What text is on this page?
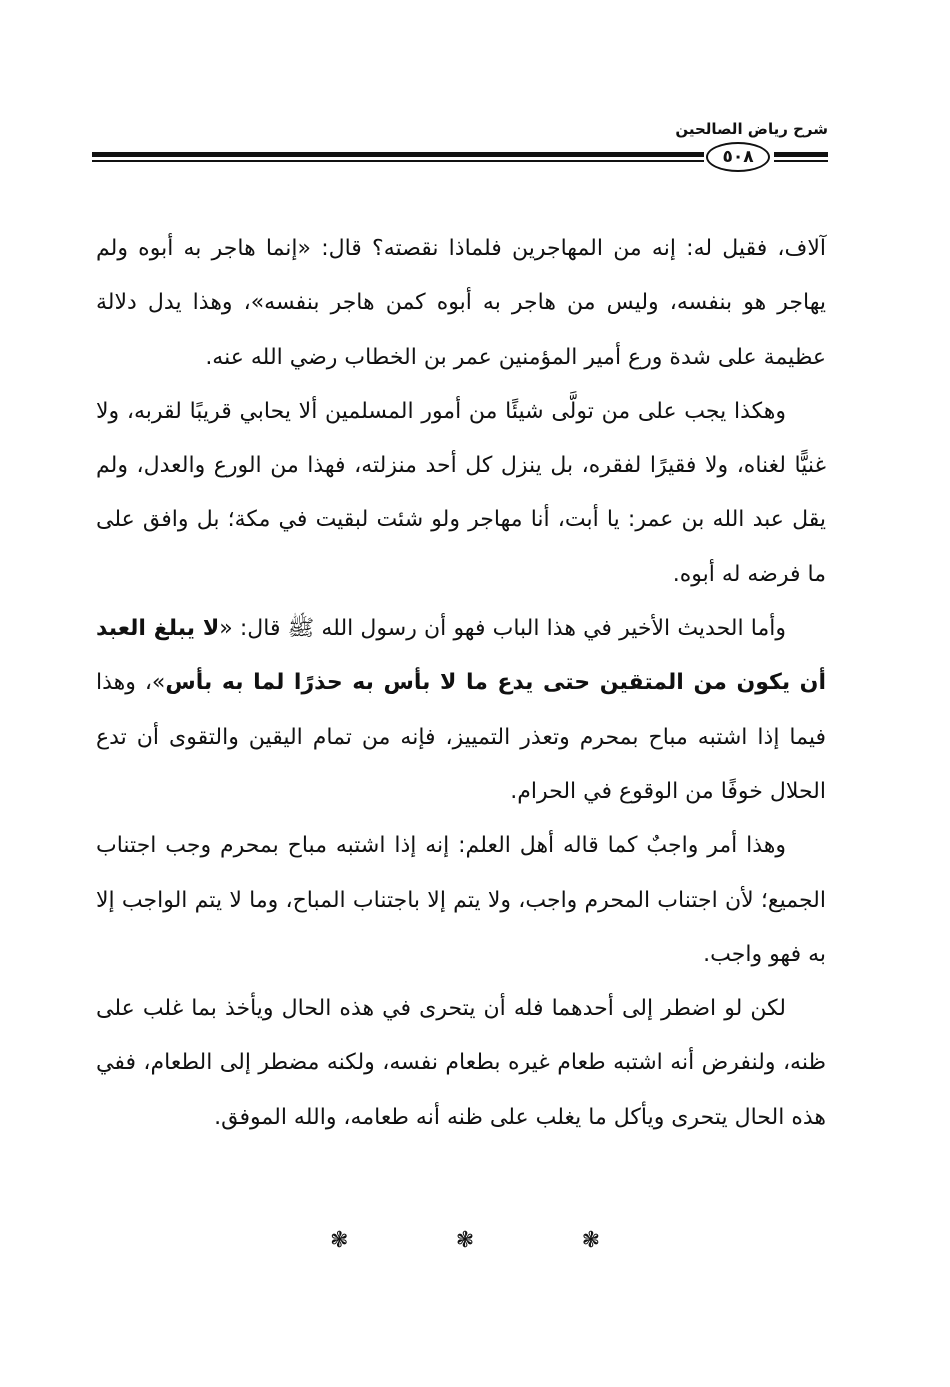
شرح رياض الصالحين
٥٠٨

آلاف، فقيل له: إنه من المهاجرين فلماذا نقصته؟ قال: «إنما هاجر به أبوه ولم يهاجر هو بنفسه، وليس من هاجر به أبوه كمن هاجر بنفسه»، وهذا يدل دلالة عظيمة على شدة ورع أمير المؤمنين عمر بن الخطاب رضي الله عنه.

وهكذا يجب على من تولَّى شيئًا من أمور المسلمين ألا يحابي قريبًا لقربه، ولا غنيًّا لغناه، ولا فقيرًا لفقره، بل ينزل كل أحد منزلته، فهذا من الورع والعدل، ولم يقل عبد الله بن عمر: يا أبت، أنا مهاجر ولو شئت لبقيت في مكة؛ بل وافق على ما فرضه له أبوه.

وأما الحديث الأخير في هذا الباب فهو أن رسول الله ﷺ قال: «لا يبلغ العبد أن يكون من المتقين حتى يدع ما لا بأس به حذرًا لما به بأس»، وهذا فيما إذا اشتبه مباح بمحرم وتعذر التمييز، فإنه من تمام اليقين والتقوى أن تدع الحلال خوفًا من الوقوع في الحرام.

وهذا أمر واجبٌ كما قاله أهل العلم: إنه إذا اشتبه مباح بمحرم وجب اجتناب الجميع؛ لأن اجتناب المحرم واجب، ولا يتم إلا باجتناب المباح، وما لا يتم الواجب إلا به فهو واجب.

لكن لو اضطر إلى أحدهما فله أن يتحرى في هذه الحال ويأخذ بما غلب على ظنه، ولنفرض أنه اشتبه طعام غيره بطعام نفسه، ولكنه مضطر إلى الطعام، ففي هذه الحال يتحرى ويأكل ما يغلب على ظنه أنه طعامه، والله الموفق.

❃	❃	❃
